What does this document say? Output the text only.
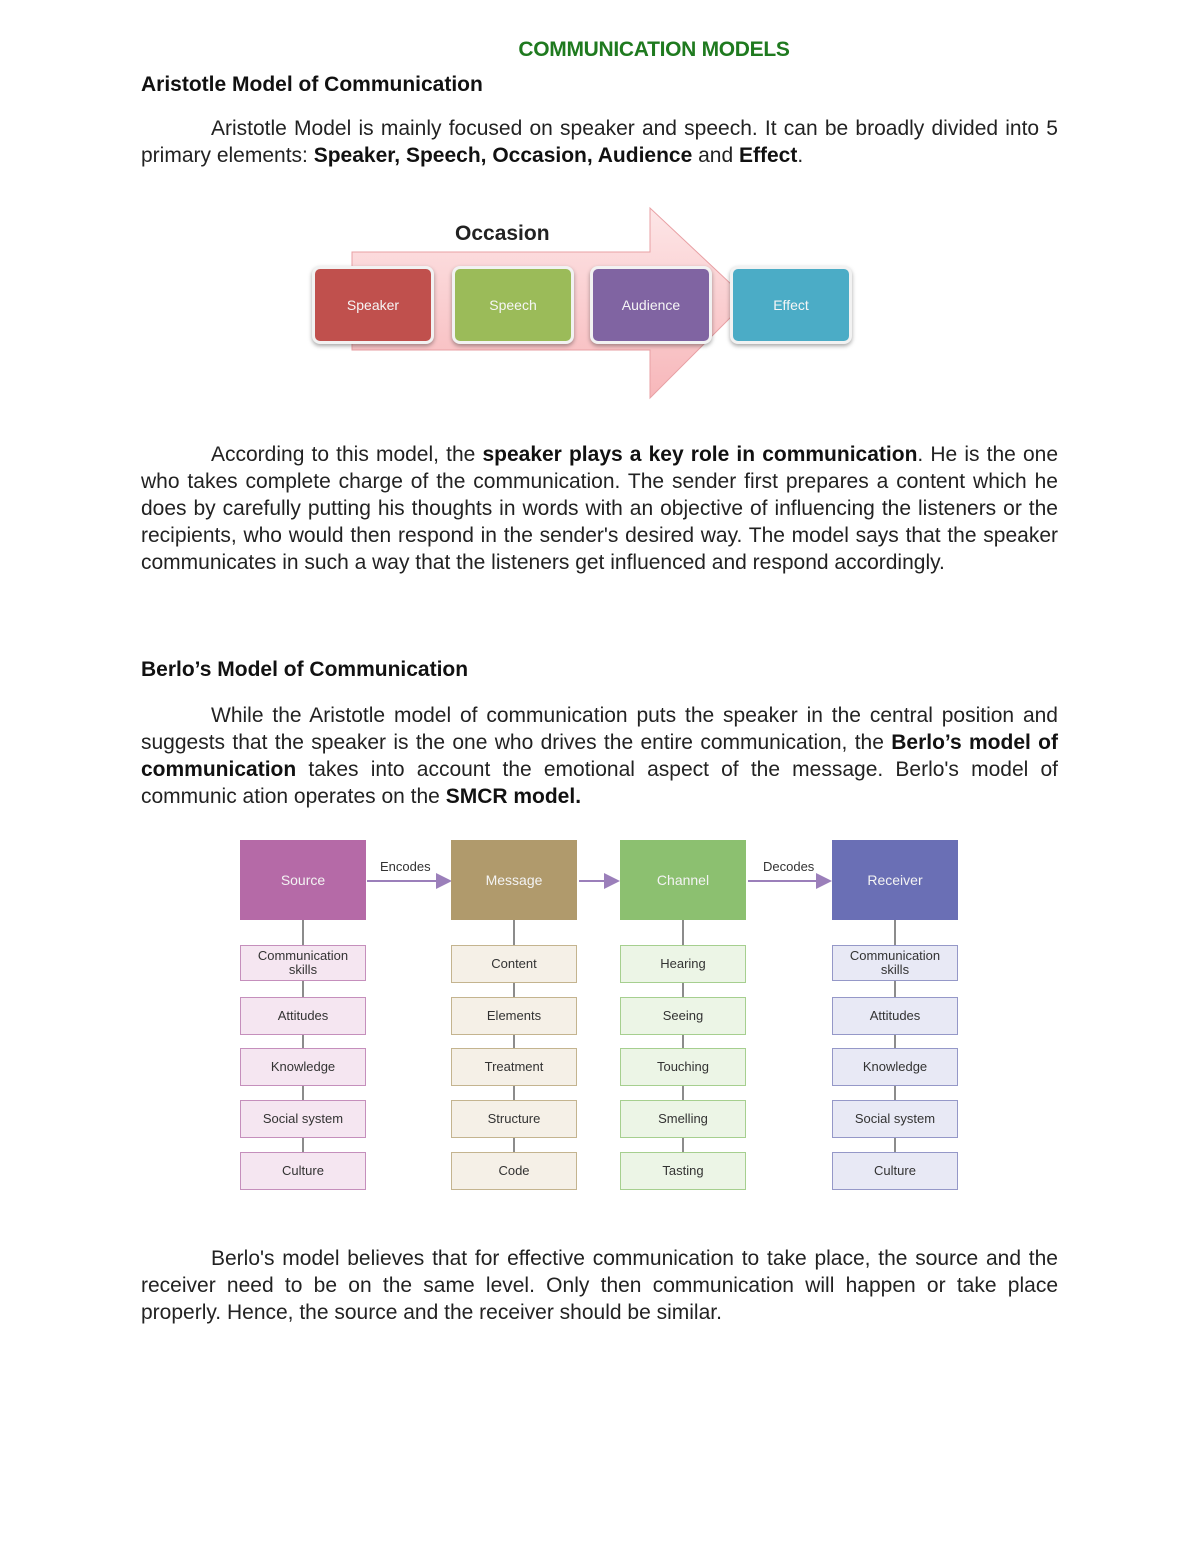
COMMUNICATION MODELS
Aristotle Model of Communication
Aristotle Model is mainly focused on speaker and speech. It can be broadly divided into 5 primary elements: Speaker, Speech, Occasion, Audience and Effect.
Occasion
Speaker	Speech	Audience	Effect
According to this model, the speaker plays a key role in communication. He is the one who takes complete charge of the communication. The sender first prepares a content which he does by carefully putting his thoughts in words with an objective of influencing the listeners or the recipients, who would then respond in the sender's desired way. The model says that the speaker communicates in such a way that the listeners get influenced and respond accordingly.
Berlo’s Model of Communication
While the Aristotle model of communication puts the speaker in the central position and suggests that the speaker is the one who drives the entire communication, the Berlo’s model of communication takes into account the emotional aspect of the message. Berlo's model of communic ation operates on the SMCR model.
Encodes	Decodes
Source
Communication skills
Attitudes
Knowledge
Social system
Culture
Message
Content
Elements
Treatment
Structure
Code
Channel
Hearing
Seeing
Touching
Smelling
Tasting
Receiver
Communication skills
Attitudes
Knowledge
Social system
Culture
Berlo's model believes that for effective communication to take place, the source and the receiver need to be on the same level. Only then communication will happen or take place properly. Hence, the source and the receiver should be similar.
